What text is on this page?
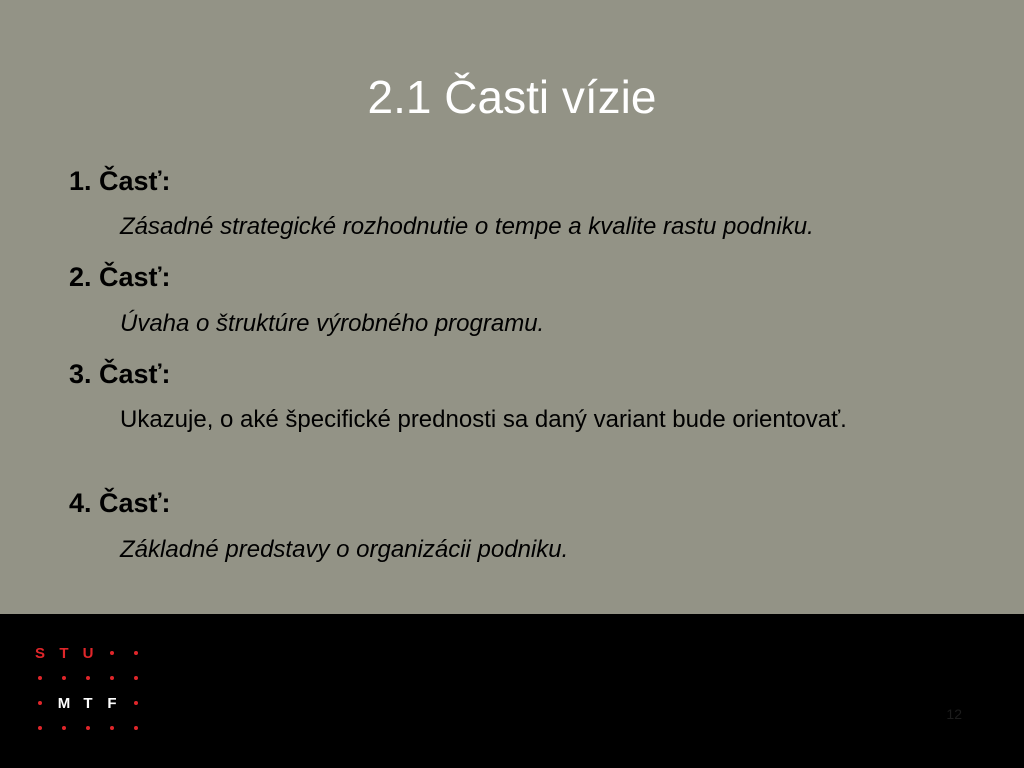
2.1 Časti vízie
1. Časť:
Zásadné strategické rozhodnutie o tempe a kvalite rastu podniku.
2. Časť:
Úvaha o štruktúre výrobného programu.
3. Časť:
Ukazuje, o aké špecifické prednosti sa daný variant bude orientovať.
4. Časť:
Základné predstavy o organizácii podniku.
S T U
M T F
12
